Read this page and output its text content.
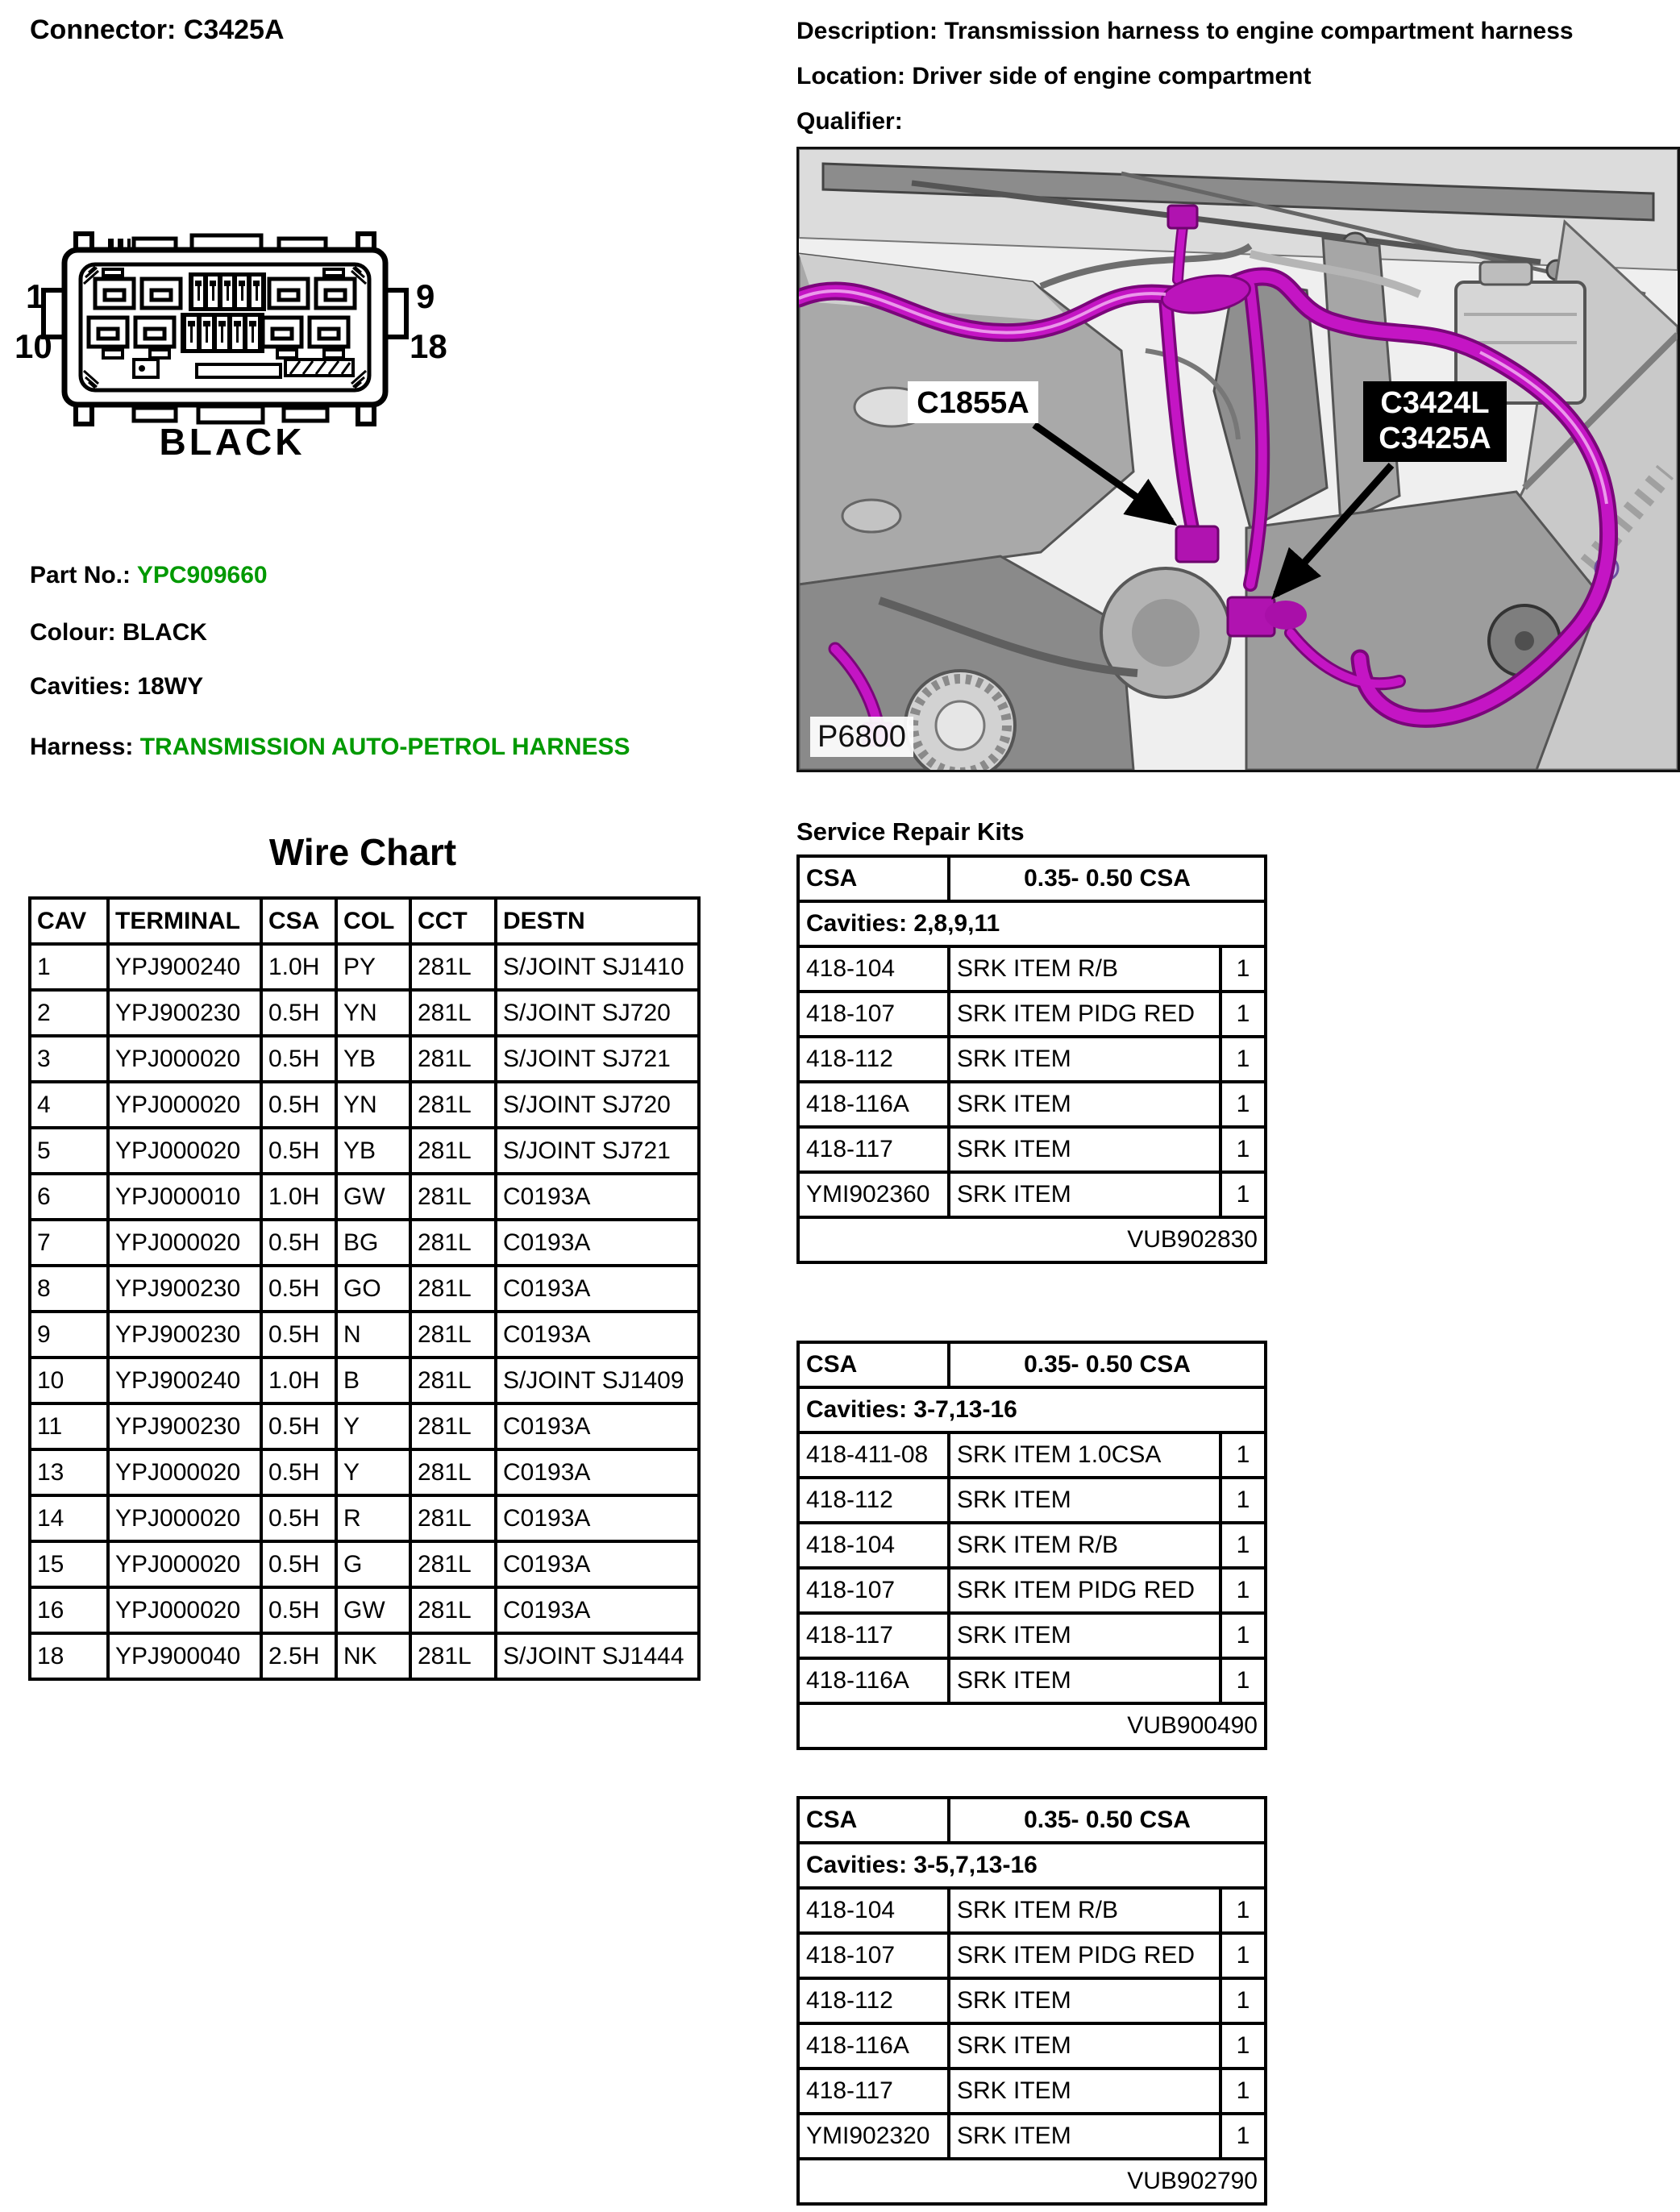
Connector: C3425A
1	9
10	18
BLACK
Part No.: YPC909660
Colour: BLACK
Cavities: 18WY
Harness: TRANSMISSION AUTO-PETROL HARNESS
Wire Chart
CAV	TERMINAL	CSA	COL	CCT	DESTN
1	YPJ900240	1.0H	PY	281L	S/JOINT SJ1410
2	YPJ900230	0.5H	YN	281L	S/JOINT SJ720
3	YPJ000020	0.5H	YB	281L	S/JOINT SJ721
4	YPJ000020	0.5H	YN	281L	S/JOINT SJ720
5	YPJ000020	0.5H	YB	281L	S/JOINT SJ721
6	YPJ000010	1.0H	GW	281L	C0193A
7	YPJ000020	0.5H	BG	281L	C0193A
8	YPJ900230	0.5H	GO	281L	C0193A
9	YPJ900230	0.5H	N	281L	C0193A
10	YPJ900240	1.0H	B	281L	S/JOINT SJ1409
11	YPJ900230	0.5H	Y	281L	C0193A
13	YPJ000020	0.5H	Y	281L	C0193A
14	YPJ000020	0.5H	R	281L	C0193A
15	YPJ000020	0.5H	G	281L	C0193A
16	YPJ000020	0.5H	GW	281L	C0193A
18	YPJ900040	2.5H	NK	281L	S/JOINT SJ1444
Description: Transmission harness to engine compartment harness
Location: Driver side of engine compartment
Qualifier:
C1855A	C3424L
C3425A
P6800
Service Repair Kits
CSA	0.35- 0.50 CSA	
Cavities: 2,8,9,11		
418-104	SRK ITEM R/B	1
418-107	SRK ITEM PIDG RED	1
418-112	SRK ITEM	1
418-116A	SRK ITEM	1
418-117	SRK ITEM	1
YMI902360	SRK ITEM	1
VUB902830		
CSA	0.35- 0.50 CSA	
Cavities: 3-7,13-16		
418-411-08	SRK ITEM 1.0CSA	1
418-112	SRK ITEM	1
418-104	SRK ITEM R/B	1
418-107	SRK ITEM PIDG RED	1
418-117	SRK ITEM	1
418-116A	SRK ITEM	1
VUB900490		
CSA	0.35- 0.50 CSA	
Cavities: 3-5,7,13-16		
418-104	SRK ITEM R/B	1
418-107	SRK ITEM PIDG RED	1
418-112	SRK ITEM	1
418-116A	SRK ITEM	1
418-117	SRK ITEM	1
YMI902320	SRK ITEM	1
VUB902790		
